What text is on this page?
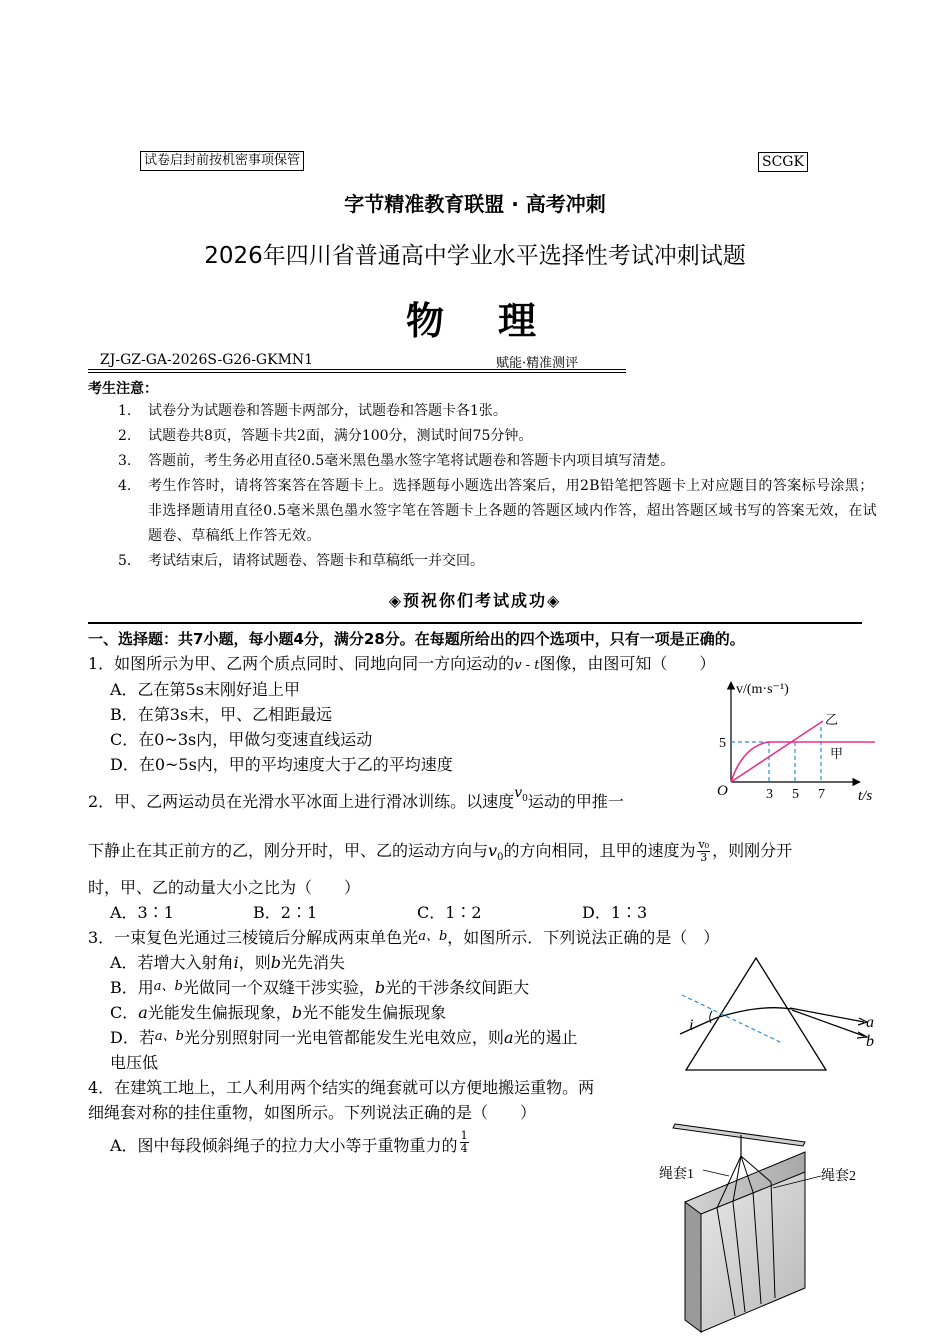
试卷启封前按机密事项保管	SCGK
字节精准教育联盟 · 高考冲刺
2026年四川省普通高中学业水平选择性考试冲刺试题
物　理
ZJ-GZ-GA-2026S-G26-GKMN1	赋能·精准测评
考生注意：
1. 试卷分为试题卷和答题卡两部分，试题卷和答题卡各1张。
2. 试题卷共8页，答题卡共2面，满分100分，测试时间75分钟。
3. 答题前，考生务必用直径0.5毫米黑色墨水签字笔将试题卷和答题卡内项目填写清楚。
4.	考生作答时，请将答案答在答题卡上。选择题每小题选出答案后，用2B铅笔把答题卡上对应题目的答案标号涂黑；非选择题请用直径0.5毫米黑色墨水签字笔在答题卡上各题的答题区域内作答，超出答题区域书写的答案无效，在试题卷、草稿纸上作答无效。
5. 考试结束后，请将试题卷、答题卡和草稿纸一并交回。
◈预祝你们考试成功◈
一、选择题：共7小题，每小题4分，满分28分。在每题所给出的四个选项中，只有一项是正确的。
1．如图所示为甲、乙两个质点同时、同地向同一方向运动的v - t图像，由图可知（　　）
A．乙在第5s末刚好追上甲
B．在第3s末，甲、乙相距最远
C．在0~3s内，甲做匀变速直线运动
D．在0~5s内，甲的平均速度大于乙的平均速度
v/(m·s⁻¹)
t/s
O
5
3 5 7
乙
甲
2．甲、乙两运动员在光滑水平冰面上进行滑冰训练。以速度$v_0$运动的甲推一
下静止在其正前方的乙，刚分开时，甲、乙的运动方向与$v_0$的方向相同，且甲的速度为 $\frac{\text{v₀}}{3}$ ，则刚分开
时，甲、乙的动量大小之比为（　　）
A．3∶1	B．2∶1	C．1∶2	D．1∶3
3．一束复色光通过三棱镜后分解成两束单色光a、b，如图所示．下列说法正确的是（　）
A．若增大入射角i，则b光先消失
B．用a、b光做同一个双缝干涉实验，b光的干涉条纹间距大
C．a光能发生偏振现象，b光不能发生偏振现象
D．若a、b光分别照射同一光电管都能发生光电效应，则a光的遏止
电压低
i	a
b
4．在建筑工地上，工人利用两个结实的绳套就可以方便地搬运重物。两
细绳套对称的挂住重物，如图所示。下列说法正确的是（　　）
A．图中每段倾斜绳子的拉力大小等于重物重力的 $\frac{1}{4}$
绳套1	绳套2
